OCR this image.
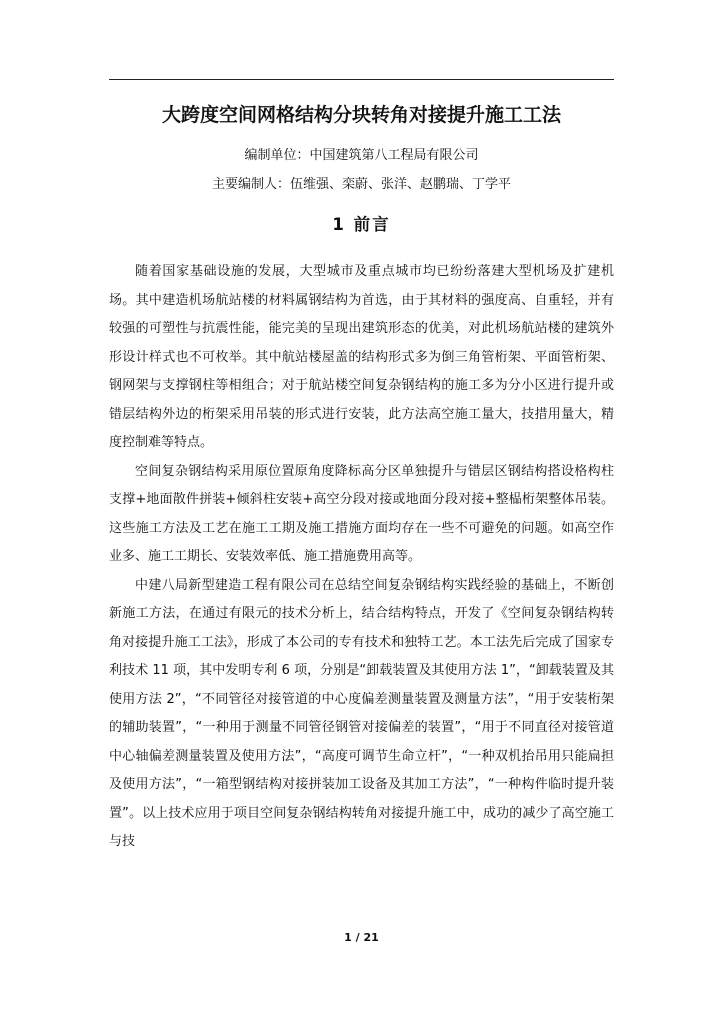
大跨度空间网格结构分块转角对接提升施工工法
编制单位：中国建筑第八工程局有限公司
主要编制人：伍维强、栾蔚、张洋、赵鹏瑞、丁学平
1 前言

随着国家基础设施的发展，大型城市及重点城市均已纷纷落建大型机场及扩建机场。其中建造机场航站楼的材料属钢结构为首选，由于其材料的强度高、自重轻，并有较强的可塑性与抗震性能，能完美的呈现出建筑形态的优美，对此机场航站楼的建筑外形设计样式也不可枚举。其中航站楼屋盖的结构形式多为倒三角管桁架、平面管桁架、钢网架与支撑钢柱等相组合；对于航站楼空间复杂钢结构的施工多为分小区进行提升或错层结构外边的桁架采用吊装的形式进行安装，此方法高空施工量大，技措用量大，精度控制难等特点。

空间复杂钢结构采用原位置原角度降标高分区单独提升与错层区钢结构搭设格构柱支撑+地面散件拼装+倾斜柱安装+高空分段对接或地面分段对接+整榀桁架整体吊装。这些施工方法及工艺在施工工期及施工措施方面均存在一些不可避免的问题。如高空作业多、施工工期长、安装效率低、施工措施费用高等。

中建八局新型建造工程有限公司在总结空间复杂钢结构实践经验的基础上，不断创新施工方法，在通过有限元的技术分析上，结合结构特点，开发了《空间复杂钢结构转角对接提升施工工法》，形成了本公司的专有技术和独特工艺。本工法先后完成了国家专利技术 11 项，其中发明专利 6 项，分别是“卸载装置及其使用方法 1”，“卸载装置及其使用方法 2”，“不同管径对接管道的中心度偏差测量装置及测量方法”，“用于安装桁架的辅助装置”，“一种用于测量不同管径钢管对接偏差的装置”，“用于不同直径对接管道中心轴偏差测量装置及使用方法”，“高度可调节生命立杆”，“一种双机抬吊用只能扁担及使用方法”，“一箱型钢结构对接拼装加工设备及其加工方法”，“一种构件临时提升装置”。以上技术应用于项目空间复杂钢结构转角对接提升施工中，成功的减少了高空施工与技

1 / 21
